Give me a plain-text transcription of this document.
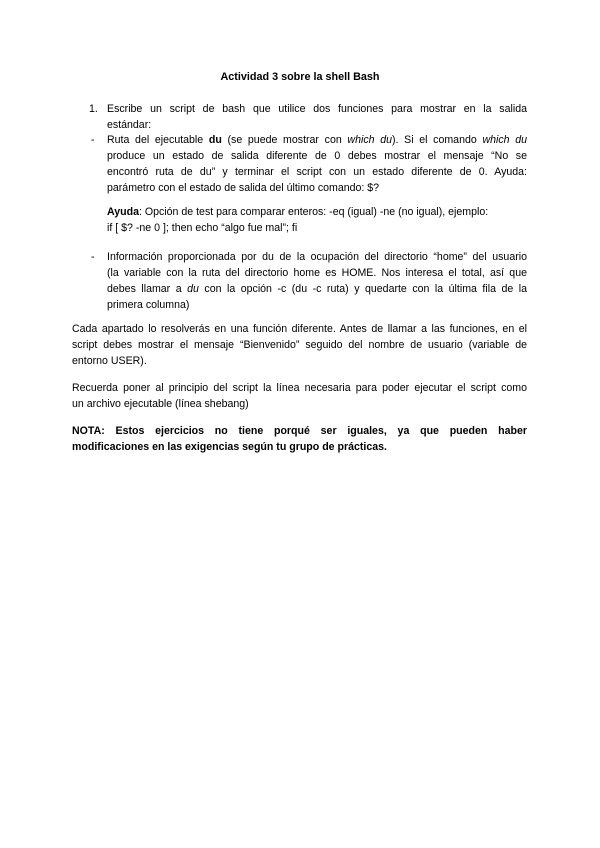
Actividad 3 sobre la shell Bash
1. Escribe un script de bash que utilice dos funciones para mostrar en la salida
estándar:
- Ruta del ejecutable du (se puede mostrar con which du). Si el comando which du
produce un estado de salida diferente de 0 debes mostrar el mensaje “No se
encontró ruta de du” y terminar el script con un estado diferente de 0. Ayuda:
parámetro con el estado de salida del último comando: $?
Ayuda: Opción de test para comparar enteros: -eq (igual) -ne (no igual), ejemplo:
if [ $? -ne 0 ]; then echo “algo fue mal”; fi
- Información proporcionada por du de la ocupación del directorio “home” del usuario
(la variable con la ruta del directorio home es HOME. Nos interesa el total, así que
debes llamar a du con la opción -c (du -c ruta) y quedarte con la última fila de la
primera columna)
Cada apartado lo resolverás en una función diferente. Antes de llamar a las funciones, en el
script debes mostrar el mensaje “Bienvenido” seguido del nombre de usuario (variable de
entorno USER).
Recuerda poner al principio del script la línea necesaria para poder ejecutar el script como
un archivo ejecutable (línea shebang)
NOTA: Estos ejercicios no tiene porqué ser iguales, ya que pueden haber
modificaciones en las exigencias según tu grupo de prácticas.
